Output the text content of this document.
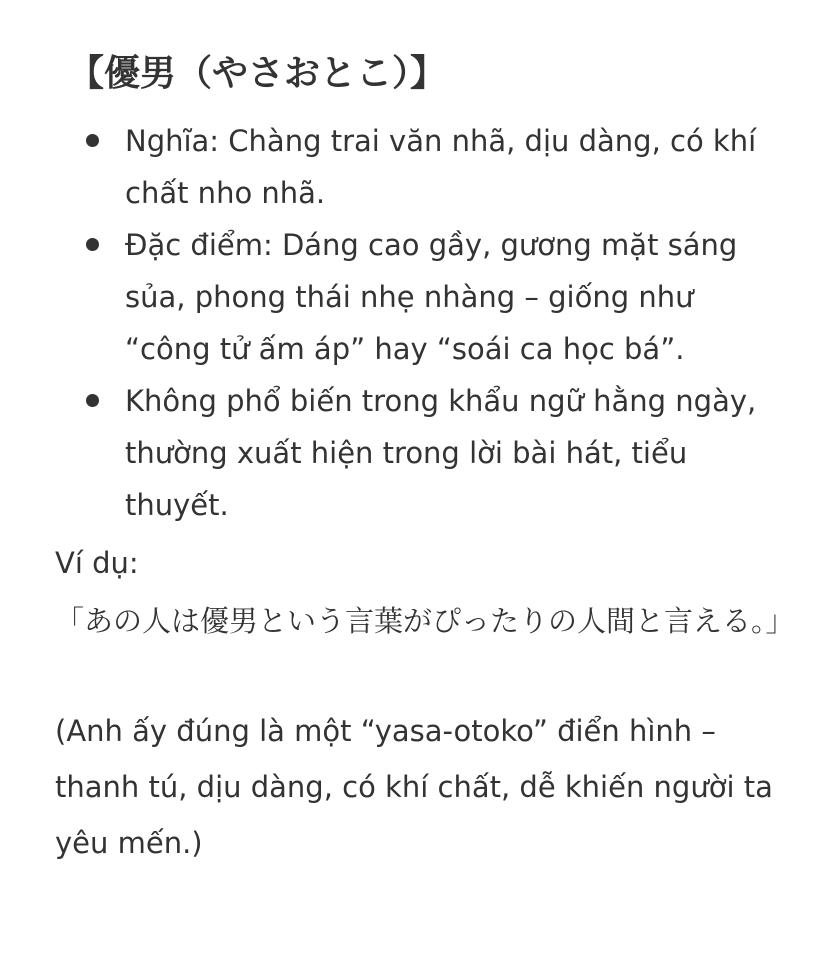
【優男（やさおとこ）】
Nghĩa: Chàng trai văn nhã, dịu dàng, có khí chất nho nhã.
Đặc điểm: Dáng cao gầy, gương mặt sáng sủa, phong thái nhẹ nhàng – giống như “công tử ấm áp” hay “soái ca học bá”.
Không phổ biến trong khẩu ngữ hằng ngày, thường xuất hiện trong lời bài hát, tiểu thuyết.
Ví dụ:
「あの人は優男という言葉がぴったりの人間と言える。」
(Anh ấy đúng là một “yasa-otoko” điển hình – thanh tú, dịu dàng, có khí chất, dễ khiến người ta yêu mến.)
